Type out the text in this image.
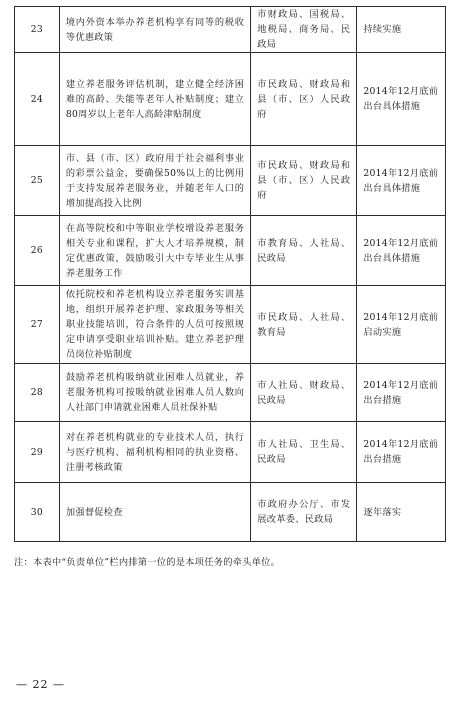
23	境内外资本举办养老机构享有同等的税收等优惠政策	市财政局、国税局、地税局、商务局、民政局	持续实施
24	建立养老服务评估机制，建立健全经济困难的高龄、失能等老年人补贴制度；建立80周岁以上老年人高龄津贴制度	市民政局、财政局和县（市、区）人民政府	2014年12月底前出台具体措施
25	市、县（市、区）政府用于社会福利事业的彩票公益金，要确保50%以上的比例用于支持发展养老服务业，并随老年人口的增加提高投入比例	市民政局、财政局和县（市、区）人民政府	2014年12月底前出台具体措施
26	在高等院校和中等职业学校增设养老服务相关专业和课程，扩大人才培养规模，制定优惠政策，鼓励吸引大中专毕业生从事养老服务工作	市教育局、人社局、民政局	2014年12月底前出台具体措施
27	依托院校和养老机构设立养老服务实训基地，组织开展养老护理、家政服务等相关职业技能培训，符合条件的人员可按照规定申请享受职业培训补贴。建立养老护理员岗位补贴制度	市民政局、人社局、教育局	2014年12月底前启动实施
28	鼓励养老机构吸纳就业困难人员就业，养老服务机构可按吸纳就业困难人员人数向人社部门申请就业困难人员社保补贴	市人社局、财政局、民政局	2014年12月底前出台措施
29	对在养老机构就业的专业技术人员，执行与医疗机构、福利机构相同的执业资格、注册考核政策	市人社局、卫生局、民政局	2014年12月底前出台措施
30	加强督促检查	市政府办公厅、市发展改革委、民政局	逐年落实
注：本表中“负责单位”栏内排第一位的是本项任务的牵头单位。
— 22 —
